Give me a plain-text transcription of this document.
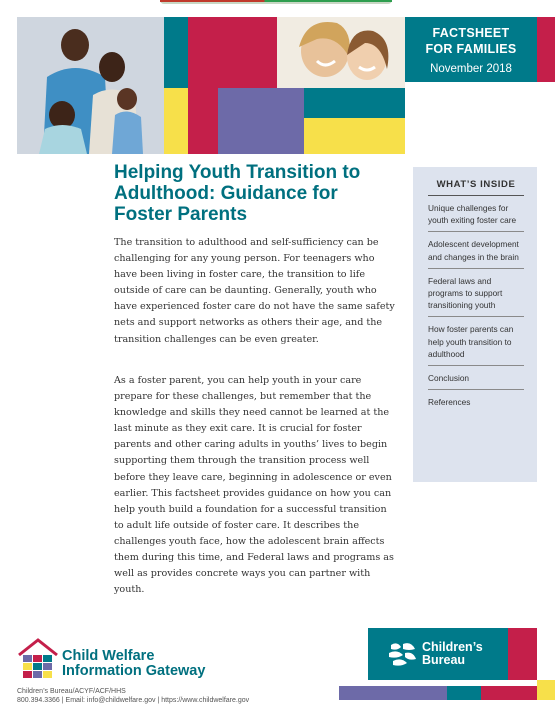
FACTSHEET
FOR FAMILIES
November 2018
Helping Youth Transition to
Adulthood: Guidance for
Foster Parents

The transition to adulthood and self-sufficiency can be challenging for any young person. For teenagers who have been living in foster care, the transition to life outside of care can be daunting. Generally, youth who have experienced foster care do not have the same safety nets and support networks as others their age, and the transition challenges can be even greater.

As a foster parent, you can help youth in your care prepare for these challenges, but remember that the knowledge and skills they need cannot be learned at the last minute as they exit care. It is crucial for foster parents and other caring adults in youths’ lives to begin supporting them through the transition process well before they leave care, beginning in adolescence or even earlier. This factsheet provides guidance on how you can help youth build a foundation for a successful transition to adult life outside of foster care. It describes the challenges youth face, how the adolescent brain affects them during this time, and Federal laws and programs as well as provides concrete ways you can partner with youth.

WHAT’S INSIDE
Unique challenges for youth exiting foster care
Adolescent development and changes in the brain
Federal laws and programs to support transitioning youth
How foster parents can help youth transition to adulthood
Conclusion
References
Child Welfare
Information Gateway
Children’s Bureau/ACYF/ACF/HHS
800.394.3366 | Email: info@childwelfare.gov | https://www.childwelfare.gov
Children’s
Bureau
